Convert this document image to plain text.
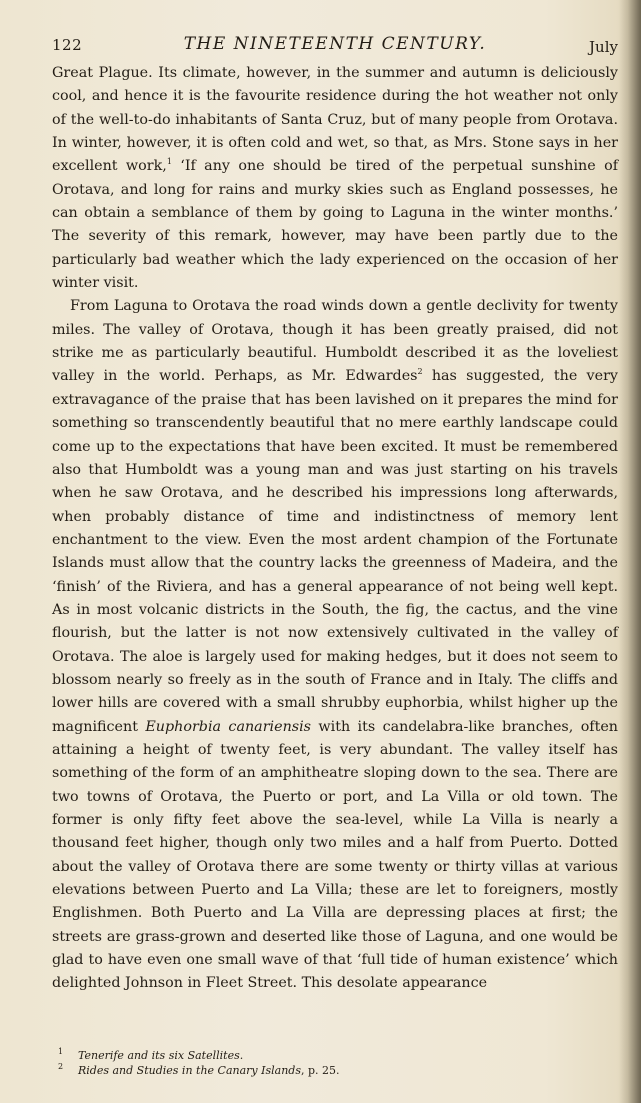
122	THE NINETEENTH CENTURY.	July

Great Plague. Its climate, however, in the summer and autumn is deliciously cool, and hence it is the favourite residence during the hot weather not only of the well-to-do inhabitants of Santa Cruz, but of many people from Orotava. In winter, however, it is often cold and wet, so that, as Mrs. Stone says in her excellent work,$^1$ ‘If any one should be tired of the perpetual sunshine of Orotava, and long for rains and murky skies such as England possesses, he can obtain a semblance of them by going to Laguna in the winter months.’ The severity of this remark, however, may have been partly due to the particularly bad weather which the lady experienced on the occasion of her winter visit.

From Laguna to Orotava the road winds down a gentle declivity for twenty miles. The valley of Orotava, though it has been greatly praised, did not strike me as particularly beautiful. Humboldt described it as the loveliest valley in the world. Perhaps, as Mr. Edwardes$^2$ has suggested, the very extravagance of the praise that has been lavished on it prepares the mind for something so transcendently beautiful that no mere earthly landscape could come up to the expectations that have been excited. It must be remembered also that Humboldt was a young man and was just starting on his travels when he saw Orotava, and he described his impressions long afterwards, when probably distance of time and indistinctness of memory lent enchantment to the view. Even the most ardent champion of the Fortunate Islands must allow that the country lacks the greenness of Madeira, and the ‘finish’ of the Riviera, and has a general appearance of not being well kept. As in most volcanic districts in the South, the fig, the cactus, and the vine flourish, but the latter is not now extensively cultivated in the valley of Orotava. The aloe is largely used for making hedges, but it does not seem to blossom nearly so freely as in the south of France and in Italy. The cliffs and lower hills are covered with a small shrubby euphorbia, whilst higher up the magnificent Euphorbia canariensis with its candelabra-like branches, often attaining a height of twenty feet, is very abundant. The valley itself has something of the form of an amphitheatre sloping down to the sea. There are two towns of Orotava, the Puerto or port, and La Villa or old town. The former is only fifty feet above the sea-level, while La Villa is nearly a thousand feet higher, though only two miles and a half from Puerto. Dotted about the valley of Orotava there are some twenty or thirty villas at various elevations between Puerto and La Villa; these are let to foreigners, mostly Englishmen. Both Puerto and La Villa are depressing places at first; the streets are grass-grown and deserted like those of Laguna, and one would be glad to have even one small wave of that ‘full tide of human existence’ which delighted Johnson in Fleet Street. This desolate appearance

1 Tenerife and its six Satellites.
2 Rides and Studies in the Canary Islands, p. 25.
